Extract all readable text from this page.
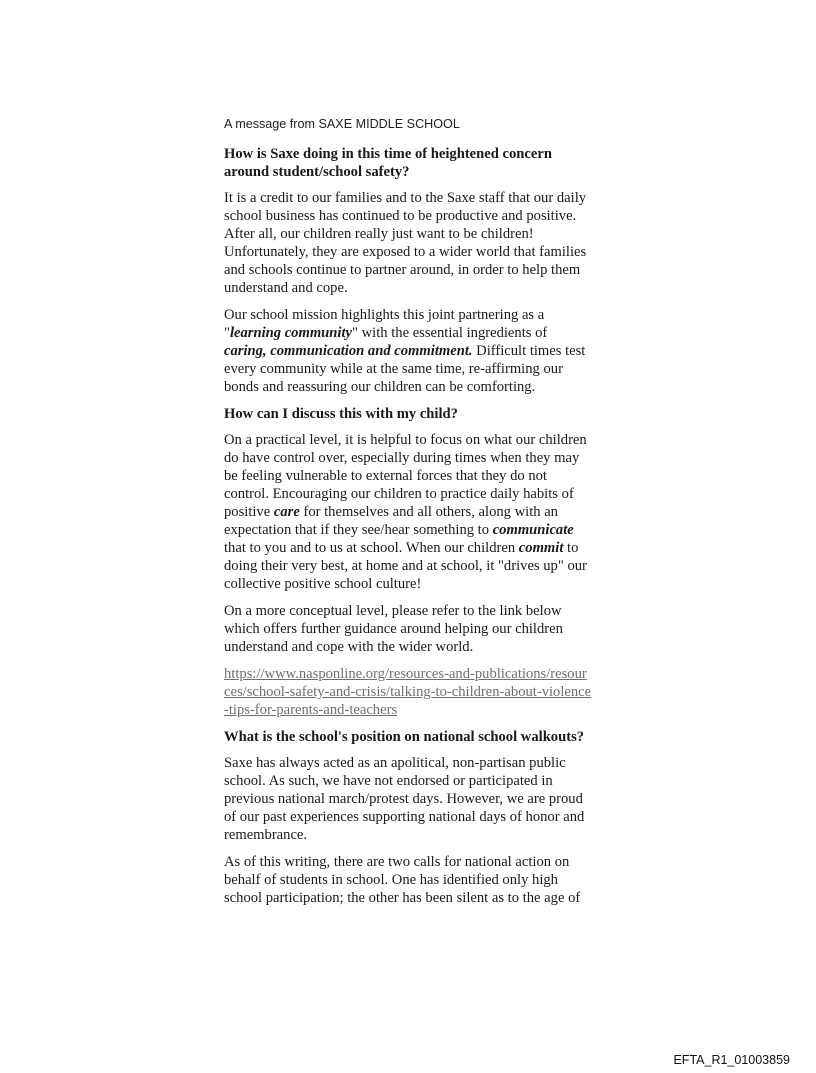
A message from SAXE MIDDLE SCHOOL
How is Saxe doing in this time of heightened concern around student/school safety?
It is a credit to our families and to the Saxe staff that our daily school business has continued to be productive and positive. After all, our children really just want to be children! Unfortunately, they are exposed to a wider world that families and schools continue to partner around, in order to help them understand and cope.
Our school mission highlights this joint partnering as a "learning community" with the essential ingredients of caring, communication and commitment. Difficult times test every community while at the same time, re-affirming our bonds and reassuring our children can be comforting.
How can I discuss this with my child?
On a practical level, it is helpful to focus on what our children do have control over, especially during times when they may be feeling vulnerable to external forces that they do not control. Encouraging our children to practice daily habits of positive care for themselves and all others, along with an expectation that if they see/hear something to communicate that to you and to us at school. When our children commit to doing their very best, at home and at school, it "drives up" our collective positive school culture!
On a more conceptual level, please refer to the link below which offers further guidance around helping our children understand and cope with the wider world.
https://www.nasponline.org/resources-and-publications/resources/school-safety-and-crisis/talking-to-children-about-violence-tips-for-parents-and-teachers
What is the school's position on national school walkouts?
Saxe has always acted as an apolitical, non-partisan public school. As such, we have not endorsed or participated in previous national march/protest days. However, we are proud of our past experiences supporting national days of honor and remembrance.
As of this writing, there are two calls for national action on behalf of students in school. One has identified only high school participation; the other has been silent as to the age of
EFTA_R1_01003859
